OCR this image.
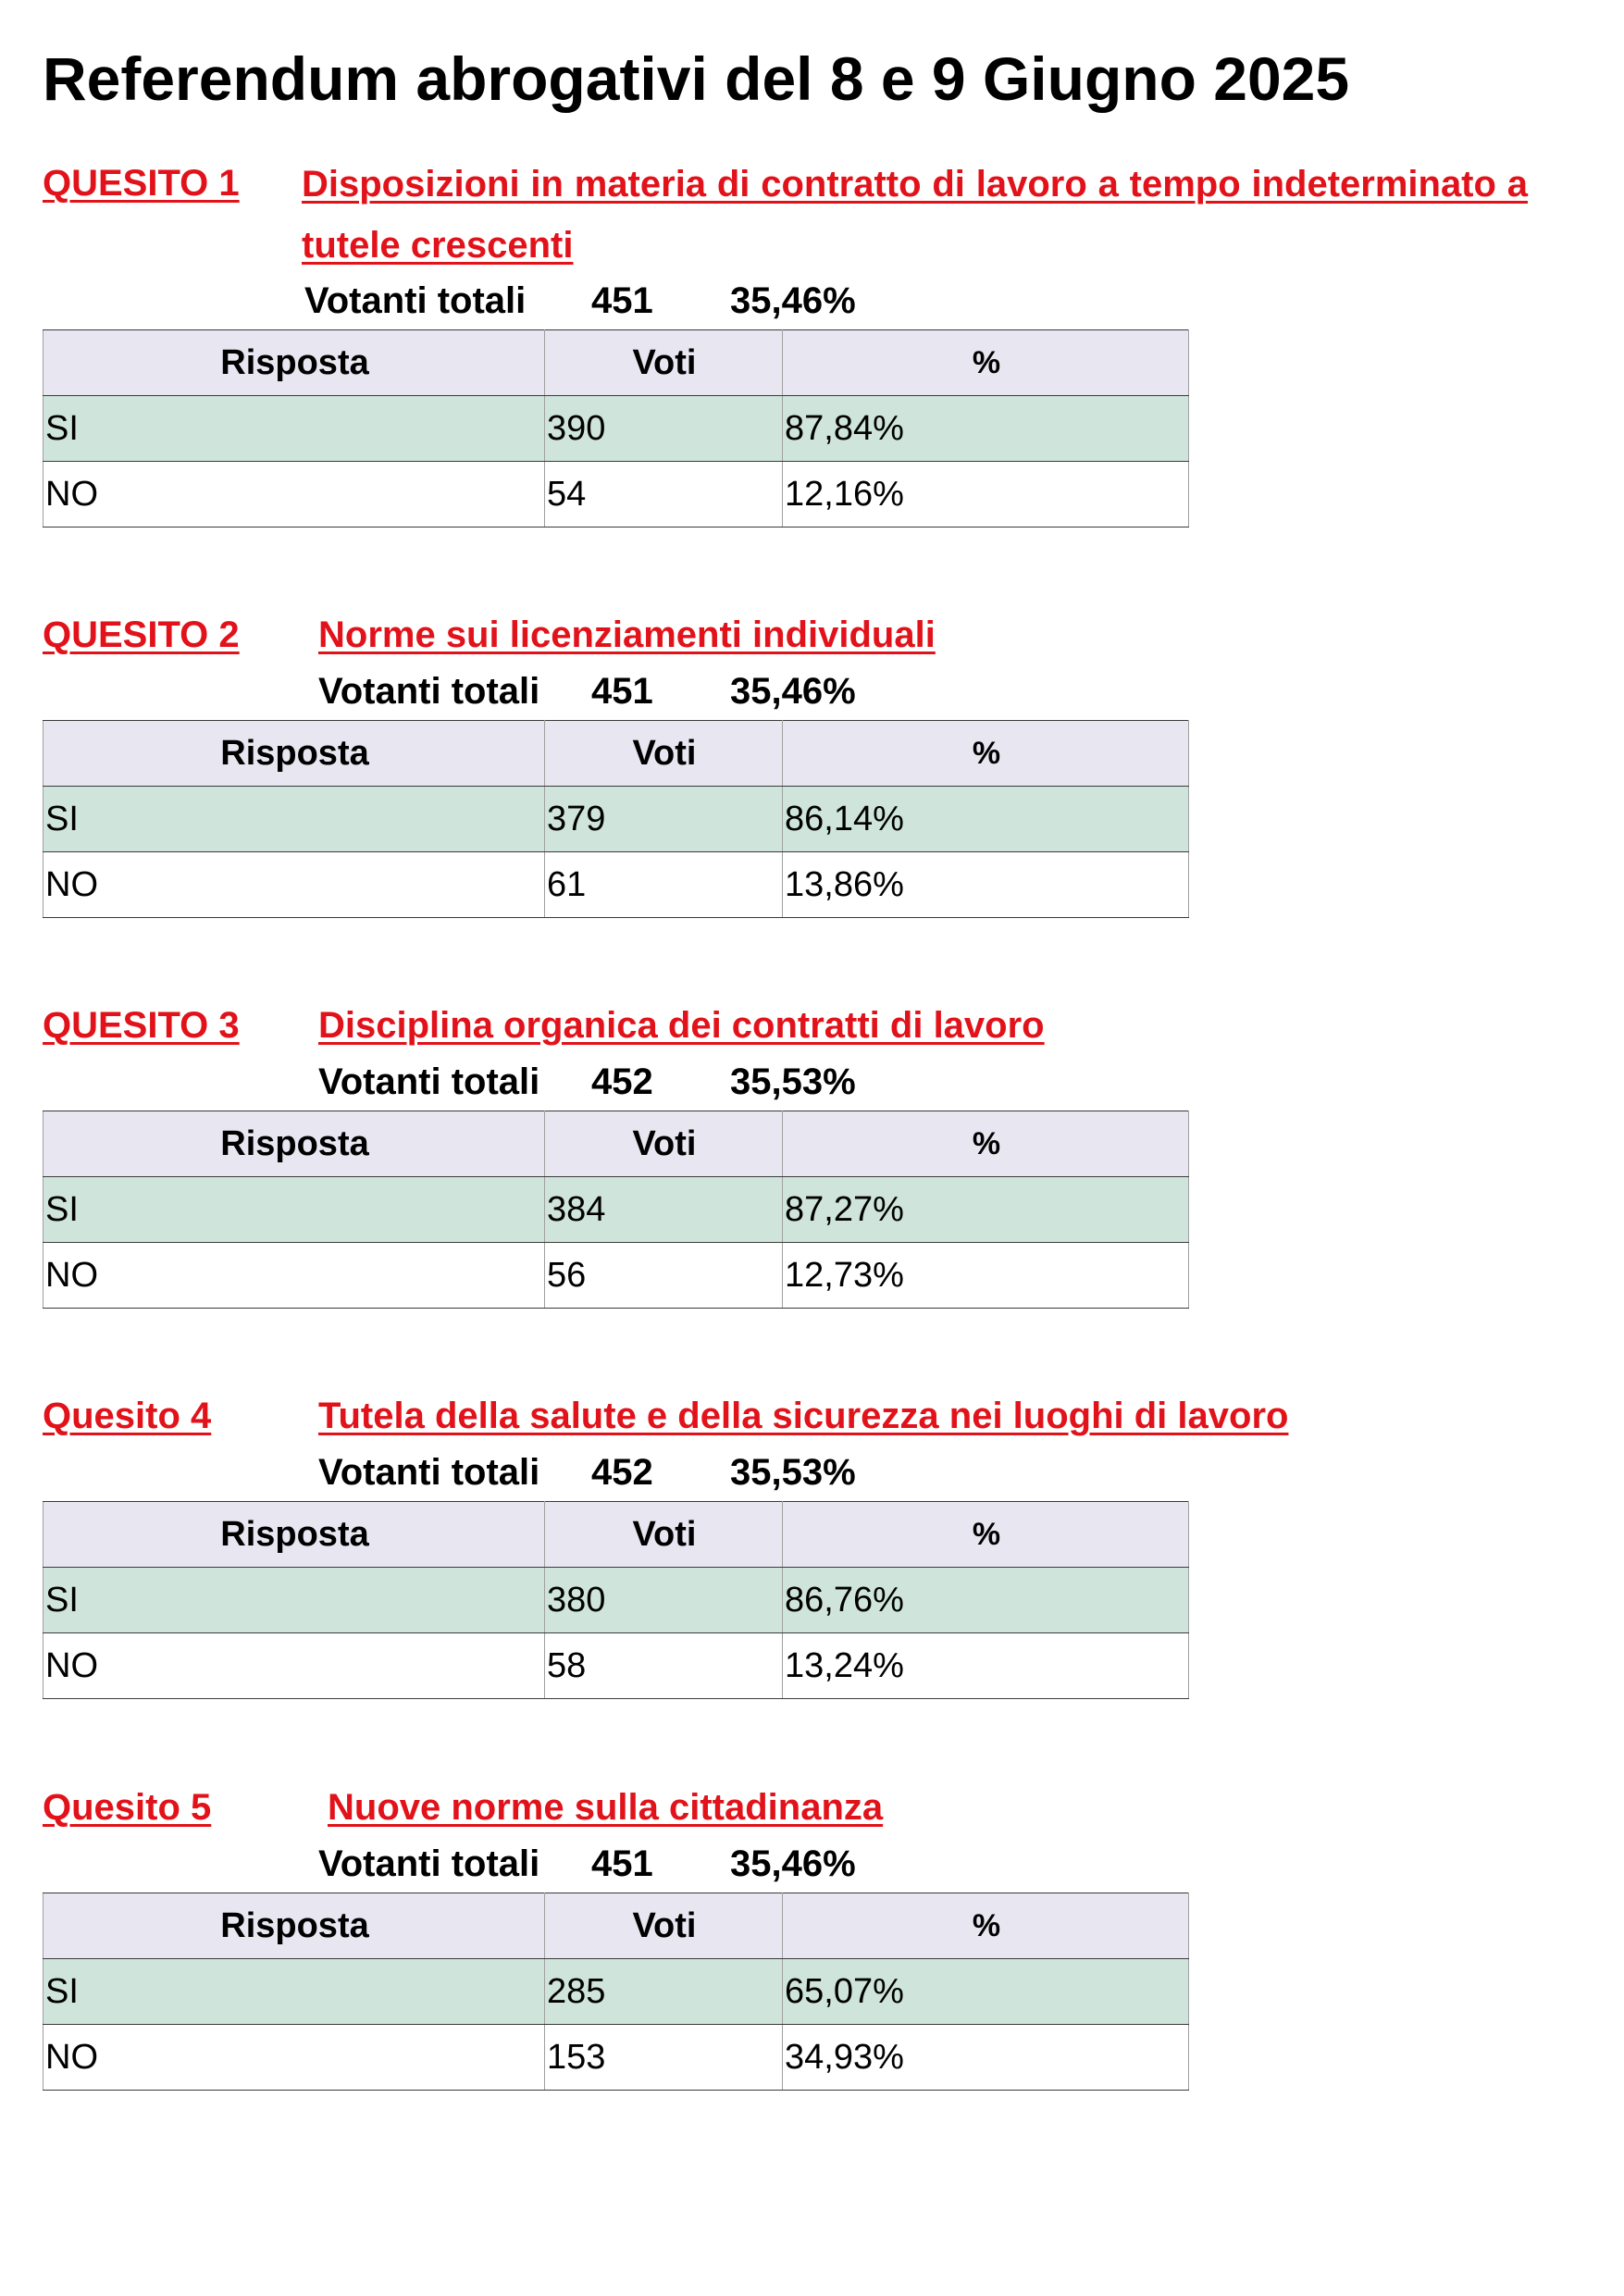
Referendum abrogativi del 8 e 9 Giugno 2025
QUESITO 1 Disposizioni in materia di contratto di lavoro a tempo indeterminato a tutele crescenti
Votanti totali 451 35,46%
Risposta	Voti	%
SI	390	87,84%
NO	54	12,16%
QUESITO 2 Norme sui licenziamenti individuali
Votanti totali 451 35,46%
Risposta	Voti	%
SI	379	86,14%
NO	61	13,86%
QUESITO 3 Disciplina organica dei contratti di lavoro
Votanti totali 452 35,53%
Risposta	Voti	%
SI	384	87,27%
NO	56	12,73%
Quesito 4	Tutela della salute e della sicurezza nei luoghi di lavoro
Votanti totali 452 35,53%
Risposta	Voti	%
SI	380	86,76%
NO	58	13,24%
Quesito 5	Nuove norme sulla cittadinanza
Votanti totali 451 35,46%
Risposta	Voti	%
SI	285	65,07%
NO	153	34,93%
